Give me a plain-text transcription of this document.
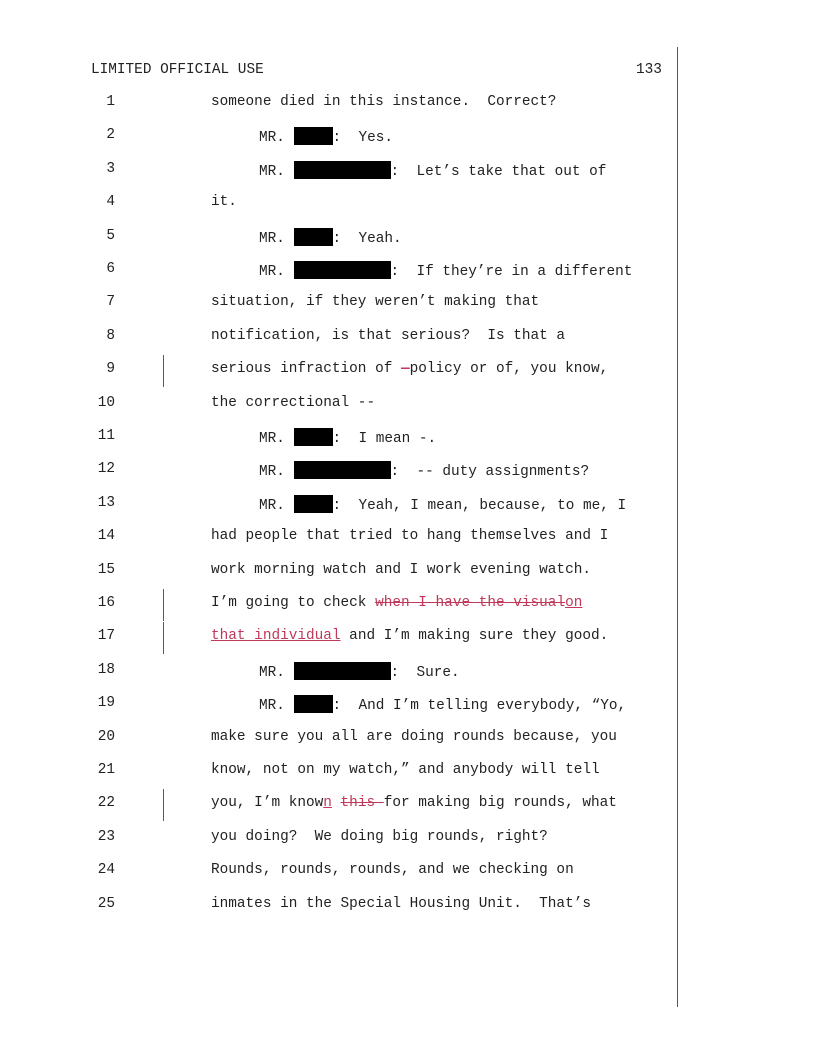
LIMITED OFFICIAL USE	133
1	someone died in this instance.  Correct?
2	MR.	:  Yes.
3	MR.	:  Let’s take that out of
4	it.
5	MR.	:  Yeah.
6	MR.	:  If they’re in a different
7	situation, if they weren’t making that
8	notification, is that serious?  Is that a
9	serious infraction of —policy or of, you know,
10	the correctional --
11	MR.	:  I mean -.
12	MR.	:  -- duty assignments?
13	MR.	:  Yeah, I mean, because, to me, I
14	had people that tried to hang themselves and I
15	work morning watch and I work evening watch.
16	I’m going to check when I have the visualon
17	that individual and I’m making sure they good.
18	MR.	:  Sure.
19	MR.	:  And I’m telling everybody, “Yo,
20	make sure you all are doing rounds because, you
21	know, not on my watch,” and anybody will tell
22	you, I’m known this for making big rounds, what
23	you doing?  We doing big rounds, right?
24	Rounds, rounds, rounds, and we checking on
25	inmates in the Special Housing Unit.  That’s
